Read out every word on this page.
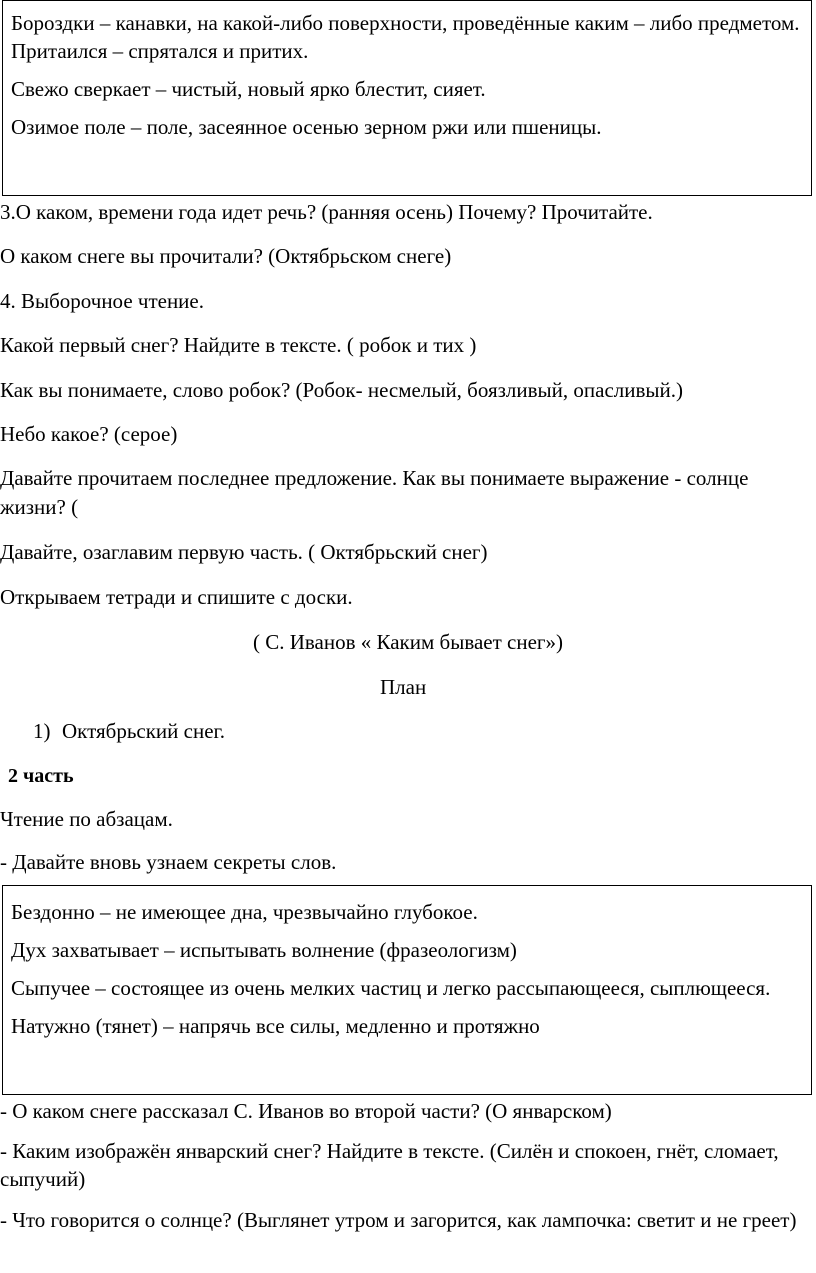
Бороздки – канавки, на какой-либо поверхности, проведённые каким – либо предметом.

Притаился – спрятался и притих.

Свежо сверкает – чистый, новый ярко блестит, сияет.

Озимое поле – поле, засеянное осенью зерном ржи или пшеницы.

3.О каком, времени года идет речь? (ранняя осень) Почему? Прочитайте.

О каком снеге вы прочитали? (Октябрьском снеге)

4. Выборочное чтение.

Какой первый снег? Найдите в тексте. ( робок и тих )

Как вы понимаете, слово робок? (Робок- несмелый, боязливый, опасливый.)

Небо какое? (серое)

Давайте прочитаем последнее предложение. Как вы понимаете выражение - солнце жизни? (

Давайте, озаглавим первую часть. ( Октябрьский снег)

Открываем тетради и спишите с доски.

( С. Иванов « Каким бывает снег»)

План

1) Октябрьский снег.

2 часть

Чтение по абзацам.

- Давайте вновь узнаем секреты слов.

Бездонно – не имеющее дна, чрезвычайно глубокое.

Дух захватывает – испытывать волнение (фразеологизм)

Сыпучее – состоящее из очень мелких частиц и легко рассыпающееся, сыплющееся.

Натужно (тянет) – напрячь все силы, медленно и протяжно

- О каком снеге рассказал С. Иванов во второй части? (О январском)

- Каким изображён январский снег? Найдите в тексте. (Силён и спокоен, гнёт, сломает, сыпучий)

- Что говорится о солнце? (Выглянет утром и загорится, как лампочка: светит и не греет)
